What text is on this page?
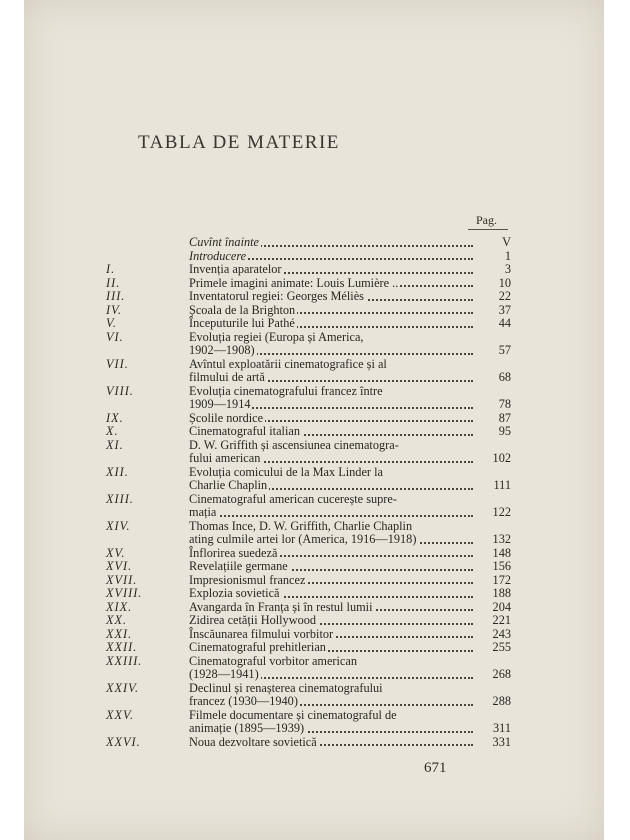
TABLA DE MATERIE
Pag.
Cuvînt înainte	V
Introducere	1
I.	Invenția aparatelor	3
II.	Primele imagini animate: Louis Lumière ..	10
III.	Inventatorul regiei: Georges Méliès	22
IV.	Școala de la Brighton	37
V.	Începuturile lui Pathé	44
VI.	Evoluția regiei (Europa și America,
1902—1908)	57
VII.	Avîntul exploatării cinematografice și al
filmului de artă	68
VIII.	Evoluția cinematografului francez între
1909—1914	78
IX.	Școlile nordice	87
X.	Cinematograful italian	95
XI.	D. W. Griffith și ascensiunea cinematogra-
fului american	102
XII.	Evoluția comicului de la Max Linder la
Charlie Chaplin	111
XIII.	Cinematograful american cucerește supre-
mația	122
XIV.	Thomas Ince, D. W. Griffith, Charlie Chaplin
ating culmile artei lor (America, 1916—1918)	132
XV.	Înflorirea suedeză	148
XVI.	Revelațiile germane	156
XVII.	Impresionismul francez	172
XVIII.	Explozia sovietică	188
XIX.	Avangarda în Franța și în restul lumii	204
XX.	Zidirea cetății Hollywood	221
XXI.	Înscăunarea filmului vorbitor	243
XXII.	Cinematograful prehitlerian	255
XXIII.	Cinematograful vorbitor american
(1928—1941)	268
XXIV.	Declinul și renașterea cinematografului
francez (1930—1940)	288
XXV.	Filmele documentare și cinematograful de
animație (1895—1939)	311
XXVI.	Noua dezvoltare sovietică	331
671
